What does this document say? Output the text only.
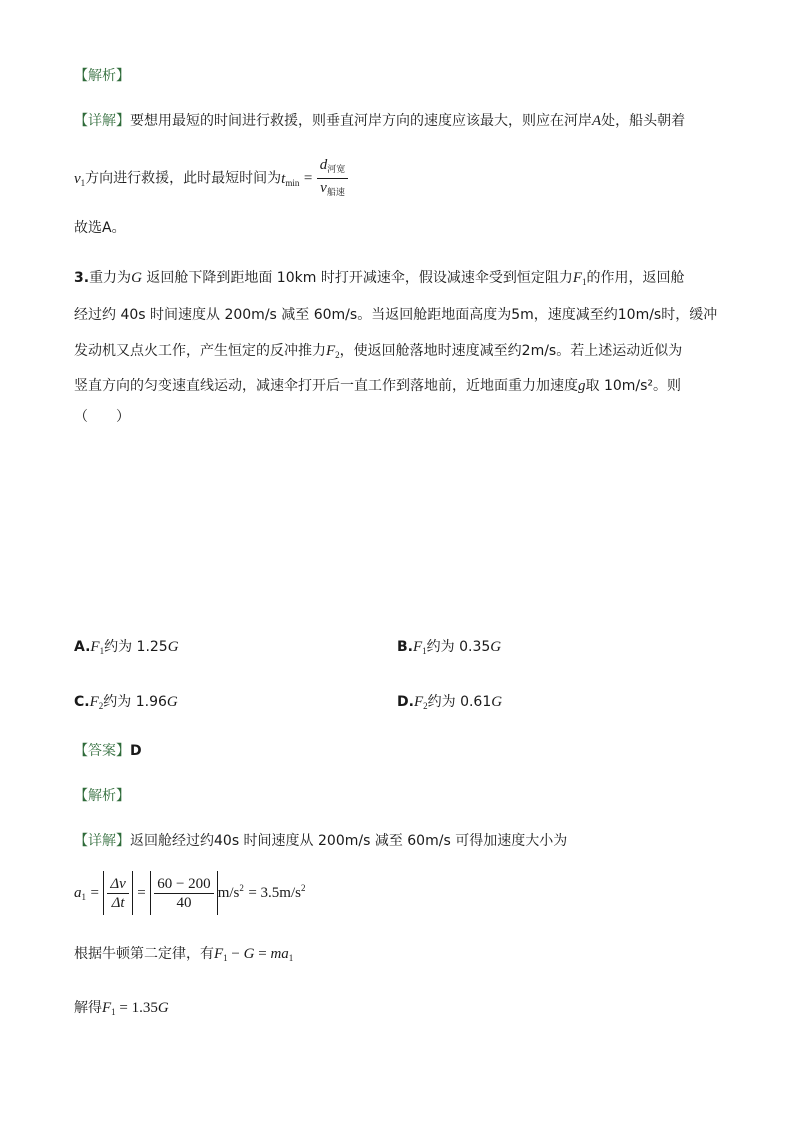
【解析】
【详解】要想用最短的时间进行救援，则垂直河岸方向的速度应该最大，则应在河岸A处，船头朝着
$v_1$方向进行救援，此时最短时间为$t_{min} = \frac{d_{河宽}}{v_{船速}}$
故选A。
3.重力为G 返回舱下降到距地面 10km 时打开减速伞，假设减速伞受到恒定阻力$F_1$的作用，返回舱
经过约 40s 时间速度从 200m/s 减至 60m/s。当返回舱距地面高度为5m，速度减至约10m/s时，缓冲
发动机又点火工作，产生恒定的反冲推力$F_2$，使返回舱落地时速度减至约2m/s。若上述运动近似为
竖直方向的匀变速直线运动，减速伞打开后一直工作到落地前，近地面重力加速度g取 10m/s²。则
（　　）
$A.F_1$约为 1.25G	$B.F_1$约为 0.35G
$C.F_2$约为 1.96G	$D.F_2$约为 0.61G
【答案】D
【解析】
【详解】返回舱经过约40s 时间速度从 200m/s 减至 60m/s 可得加速度大小为
$a_1 = \frac{\Delta v}{\Delta t} = \frac{60 - 200}{40} m/s^2 = 3.5m/s^2$
根据牛顿第二定律，有$F_1 - G = ma_1$
解得$F_1 = 1.35G$
